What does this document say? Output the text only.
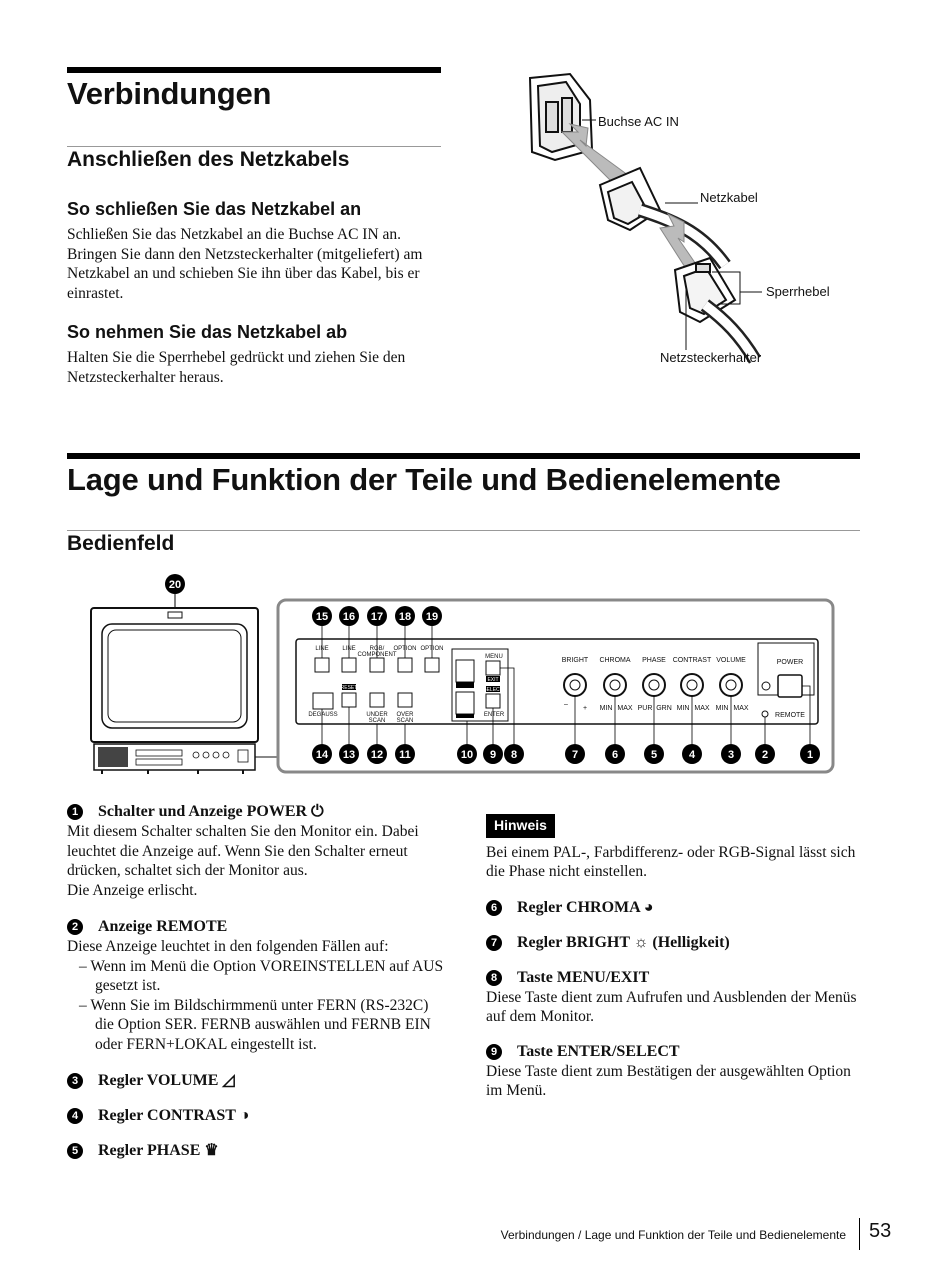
Verbindungen
Anschließen des Netzkabels
So schließen Sie das Netzkabel an
Schließen Sie das Netzkabel an die Buchse AC IN an. Bringen Sie dann den Netzsteckerhalter (mitgeliefert) am Netzkabel an und schieben Sie ihn über das Kabel, bis er einrastet.
So nehmen Sie das Netzkabel ab
Halten Sie die Sperrhebel gedrückt und ziehen Sie den Netzsteckerhalter heraus.
Buchse AC IN
Netzkabel
Sperrhebel
Netzsteckerhalter
Lage und Funktion der Teile und Bedienelemente
Bedienfeld
20
15 16 17 18 19
LINE LINE RGB/
COMPONENT
OPTION OPTION
RESET
DEGAUSS	UNDER
SCAN
OVER
SCAN
MENU
EXIT
SELECT
ENTER
BRIGHT CHROMA PHASE CONTRAST VOLUME
–
+ MIN MAX PUR GRN MIN MAX MIN MAX
POWER
REMOTE
14 13 12 11	10 9 8	7	6	5	4	3	2	1
1	Schalter und Anzeige POWER ⏻

Mit diesem Schalter schalten Sie den Monitor ein. Dabei leuchtet die Anzeige auf. Wenn Sie den Schalter erneut drücken, schaltet sich der Monitor aus.

Die Anzeige erlischt.

2	Anzeige REMOTE

Diese Anzeige leuchtet in den folgenden Fällen auf:

– Wenn im Menü die Option VOREINSTELLEN auf AUS gesetzt ist.
– Wenn Sie im Bildschirmmenü unter FERN (RS-232C) die Option SER. FERNB auswählen und FERNB EIN oder FERN+LOKAL eingestellt ist.
3	Regler VOLUME ◿
4	Regler CONTRAST ◑
5	Regler PHASE ♛
Hinweis

Bei einem PAL-, Farbdifferenz- oder RGB-Signal lässt sich die Phase nicht einstellen.

6	Regler CHROMA ◕
7	Regler BRIGHT ☼ (Helligkeit)
8	Taste MENU/EXIT

Diese Taste dient zum Aufrufen und Ausblenden der Menüs auf dem Monitor.

9	Taste ENTER/SELECT

Diese Taste dient zum Bestätigen der ausgewählten Option im Menü.

Verbindungen / Lage und Funktion der Teile und Bedienelemente 53
